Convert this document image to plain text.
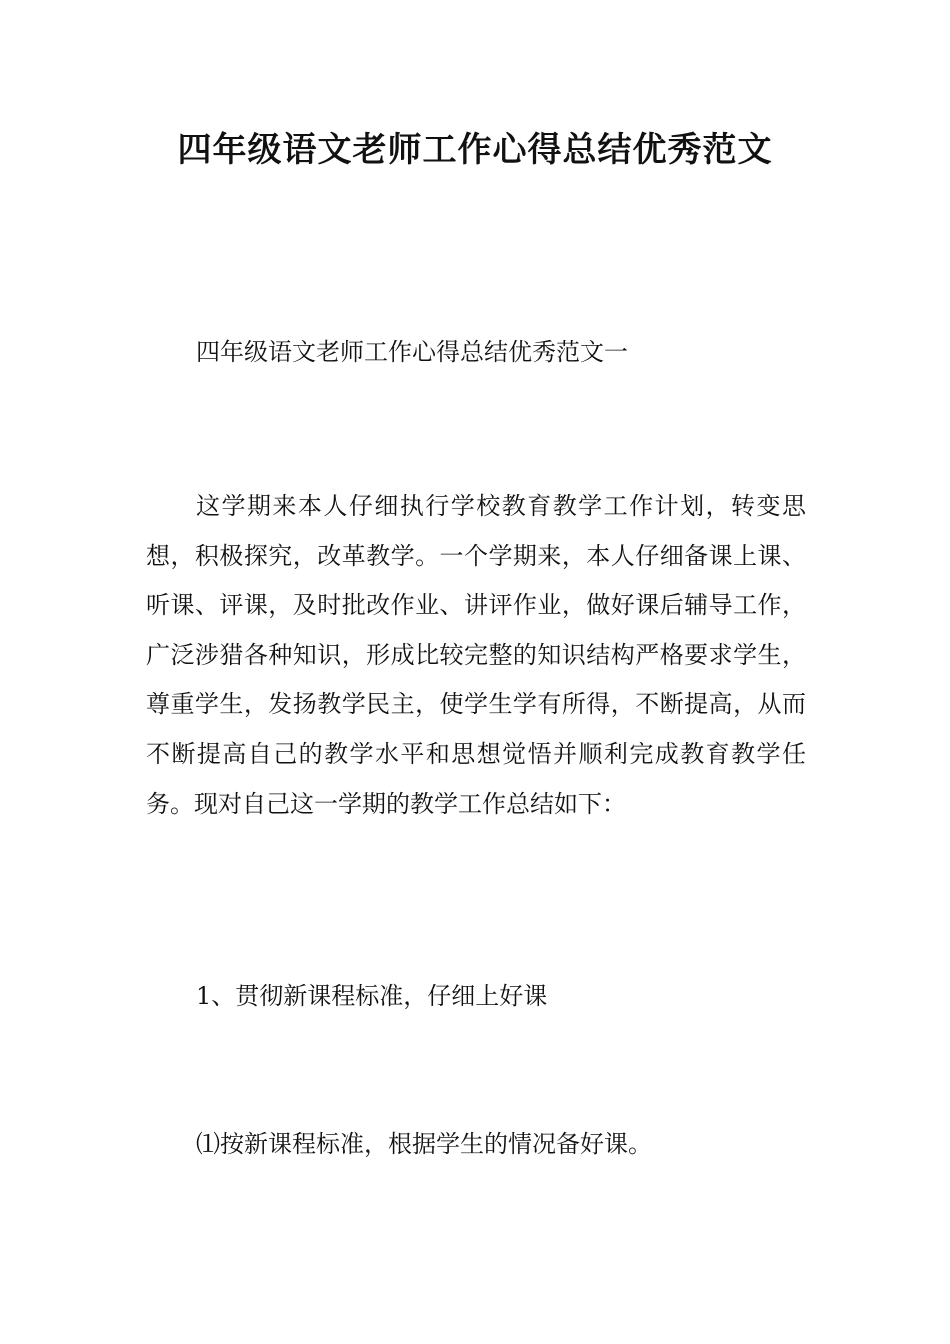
四年级语文老师工作心得总结优秀范文

四年级语文老师工作心得总结优秀范文一

这学期来本人仔细执行学校教育教学工作计划，转变思想，积极探究，改革教学。一个学期来，本人仔细备课上课、听课、评课，及时批改作业、讲评作业，做好课后辅导工作，广泛涉猎各种知识，形成比较完整的知识结构严格要求学生，尊重学生，发扬教学民主，使学生学有所得，不断提高，从而不断提高自己的教学水平和思想觉悟并顺利完成教育教学任务。现对自己这一学期的教学工作总结如下：

1、贯彻新课程标准，仔细上好课

⑴按新课程标准，根据学生的情况备好课。
